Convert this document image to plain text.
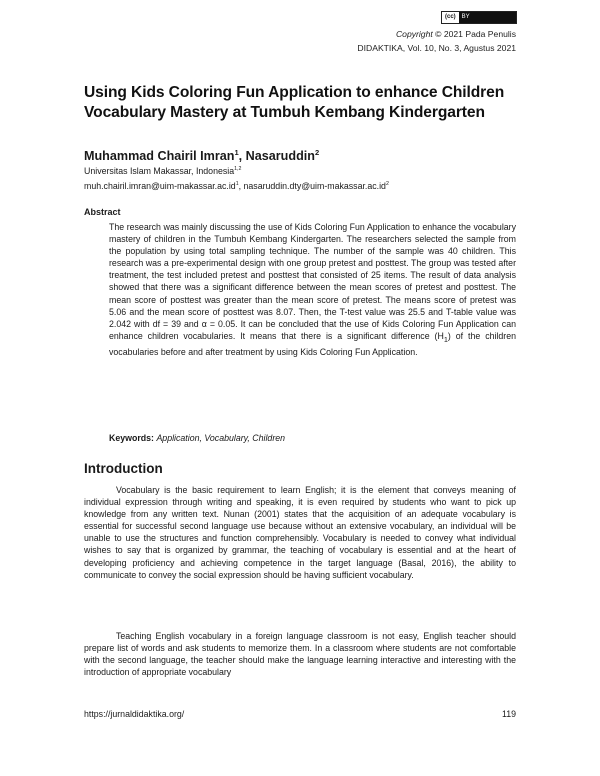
(cc)	BY
Copyright © 2021 Pada Penulis
DIDAKTIKA, Vol. 10, No. 3, Agustus 2021
Using Kids Coloring Fun Application to enhance Children Vocabulary Mastery at Tumbuh Kembang Kindergarten

Muhammad Chairil Imran$^1$, Nasaruddin$^2$

Universitas Islam Makassar, Indonesia$^{1,2}$
$muh.chairil.imran@uim-makassar.ac.id^1$, $nasaruddin.dty@uim-makassar.ac.id^2$
Abstract

The research was mainly discussing the use of Kids Coloring Fun Application to enhance the vocabulary mastery of children in the Tumbuh Kembang Kindergarten. The researchers selected the sample from the population by using total sampling technique. The number of the sample was 40 children. This research was a pre-experimental design with one group pretest and posttest. The group was tested after treatment, the test included pretest and posttest that consisted of 25 items. The result of data analysis showed that there was a significant difference between the mean scores of pretest and posttest. The mean score of posttest was greater than the mean score of pretest. The means score of pretest was 5.06 and the mean score of posttest was 8.07. Then, the T-test value was 25.5 and T-table value was 2.042 with df = 39 and α = 0.05. It can be concluded that the use of Kids Coloring Fun Application can enhance children vocabularies. It means that there is a significant difference $(H_1)$ of the children vocabularies before and after treatment by using Kids Coloring Fun Application.

Keywords: Application, Vocabulary, Children
Introduction

Vocabulary is the basic requirement to learn English; it is the element that conveys meaning of individual expression through writing and speaking, it is even required by students who want to pick up knowledge from any written text. Nunan (2001) states that the acquisition of an adequate vocabulary is essential for successful second language use because without an extensive vocabulary, an individual will be unable to use the structures and function comprehensibly. Vocabulary is needed to convey what individual wishes to say that is organized by grammar, the teaching of vocabulary is essential and at the heart of developing proficiency and achieving competence in the target language (Basal, 2016), the ability to communicate to convey the social expression should be having sufficient vocabulary.

Teaching English vocabulary in a foreign language classroom is not easy, English teacher should prepare list of words and ask students to memorize them. In a classroom where students are not comfortable with the second language, the teacher should make the language learning interactive and interesting with the introduction of appropriate vocabulary

https://jurnaldidaktika.org/	119
